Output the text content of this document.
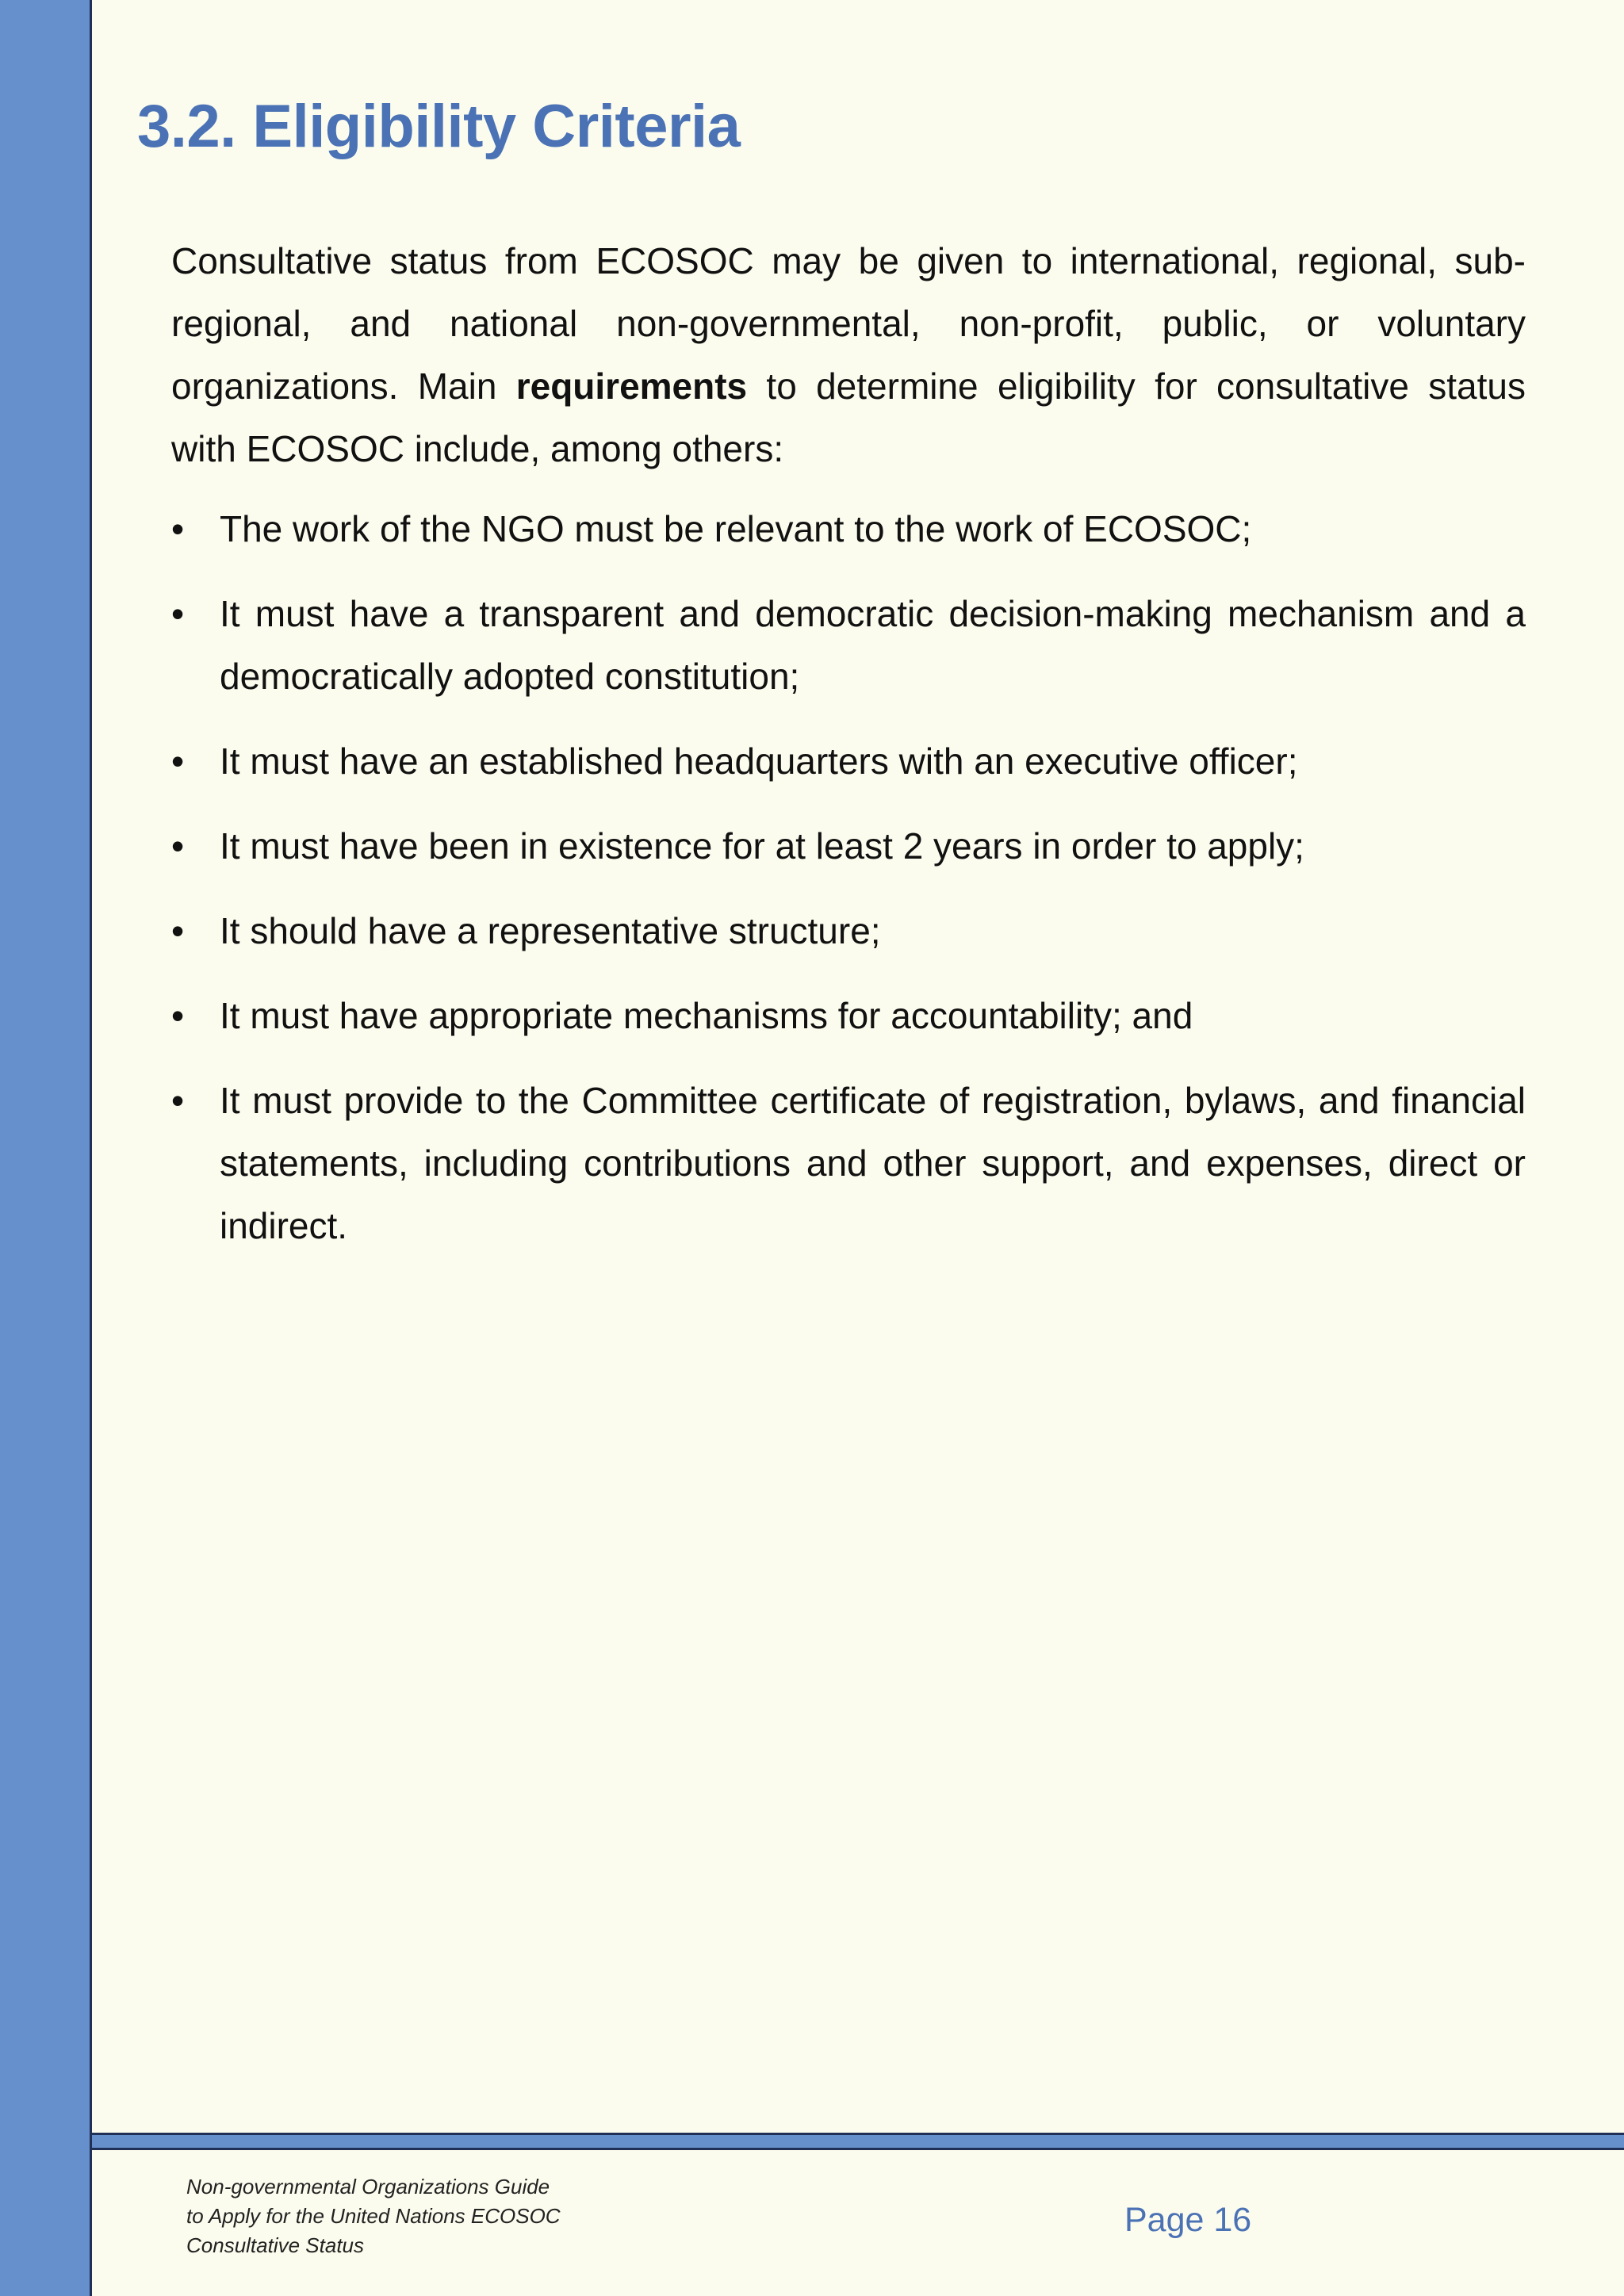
3.2. Eligibility Criteria

Consultative status from ECOSOC may be given to international, regional, sub-regional, and national non-governmental, non-profit, public, or voluntary organizations. Main requirements to determine eligibility for consultative status with ECOSOC include, among others:

• The work of the NGO must be relevant to the work of ECOSOC;
• It must have a transparent and democratic decision-making mechanism and a democratically adopted constitution;
• It must have an established headquarters with an executive officer;
• It must have been in existence for at least 2 years in order to apply;
• It should have a representative structure;
• It must have appropriate mechanisms for accountability; and
• It must provide to the Committee certificate of registration, bylaws, and financial statements, including contributions and other support, and expenses, direct or indirect.
Non-governmental Organizations Guide
to Apply for the United Nations ECOSOC
Consultative Status
Page 16
